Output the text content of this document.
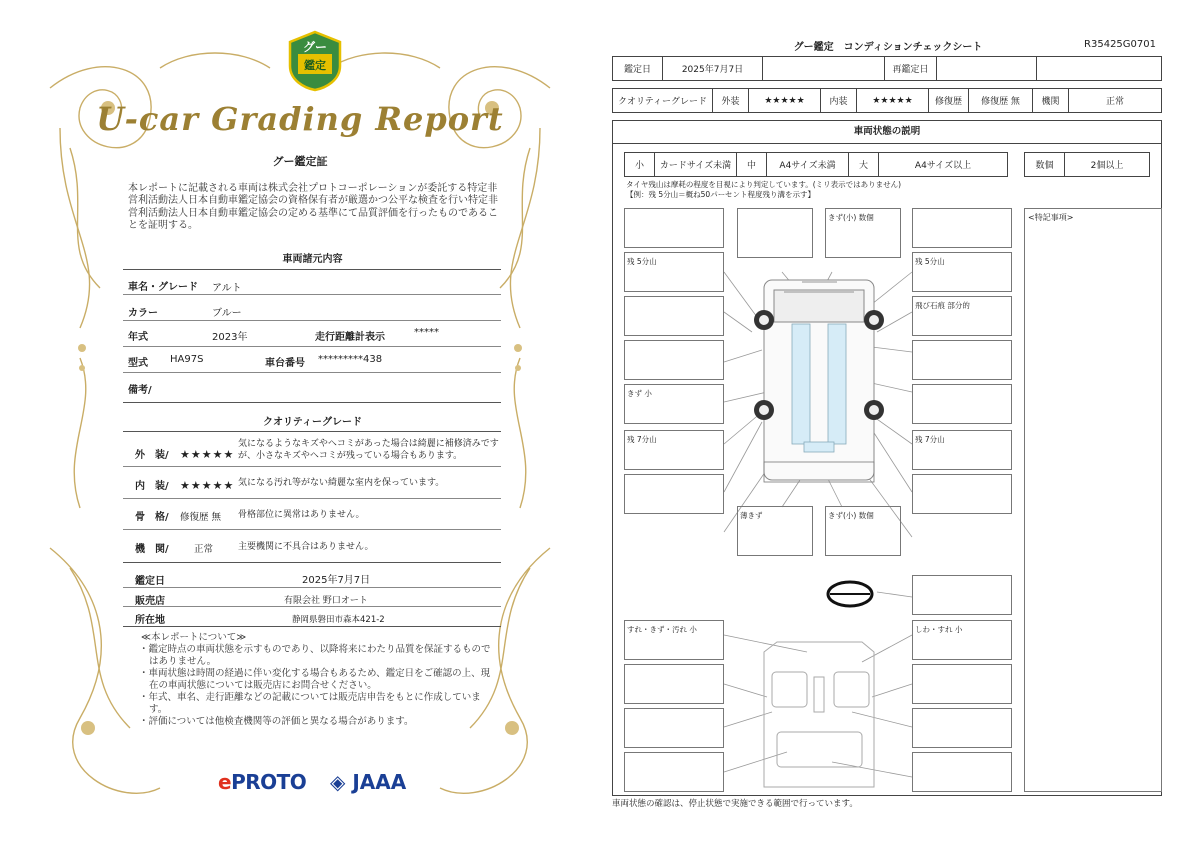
グー
鑑定
U-car Grading Report
グー鑑定証
本レポートに記載される車両は株式会社プロトコーポレーションが委託する特定非営利活動法人日本自動車鑑定協会の資格保有者が厳選かつ公平な検査を行い特定非営利活動法人日本自動車鑑定協会の定める基準にて品質評価を行ったものであることを証明する。
車両諸元内容
車名・グレード アルト
カラー	ブルー
年式	2023年	走行距離計表示	*****
型式 HA97S	車台番号 *********438
備考/
クオリティーグレード
外　装/ ★★★★★
気になるようなキズやヘコミがあった場合は綺麗に補修済みですが、小さなキズやヘコミが残っている場合もあります。
内　装/ ★★★★★ 気になる汚れ等がない綺麗な室内を保っています。
骨　格/ 修復歴 無 骨格部位に異常はありません。
機　関/	正常	主要機関に不具合はありません。
鑑定日	2025年7月7日
販売店	有限会社 野口オート
所在地	静岡県磐田市森本421-2
≪本レポートについて≫
・鑑定時点の車両状態を示すものであり、以降将来にわたり品質を保証するものではありません。
・車両状態は時間の経過に伴い変化する場合もあるため、鑑定日をご確認の上、現在の車両状態については販売店にお問合せください。
・年式、車名、走行距離などの記載については販売店申告をもとに作成しています。
・評価については他検査機関等の評価と異なる場合があります。
ePROTO ◈ JAAA
グー鑑定　コンディションチェックシート	R35425G0701
鑑定日	2025年7月7日		再鑑定日		
クオリティーグレード	外装	★★★★★	内装	★★★★★	修復歴	修復歴 無	機関	正常
車両状態の説明
小	カードサイズ未満	中	A4サイズ未満	大	A4サイズ以上	数個	2個以上
タイヤ残山は摩耗の程度を目視により判定しています。(ミリ表示ではありません)
【例：残 5分山＝概ね50パーセント程度残り溝を示す】
きず(小) 数個
残 5分山	残 5分山
飛び石痕 部分的
きず 小
残 7分山	残 7分山
薄きず	きず(小) 数個
すれ・きず・汚れ 小	しわ・すれ 小
<特記事項>
車両状態の確認は、停止状態で実施できる範囲で行っています。
